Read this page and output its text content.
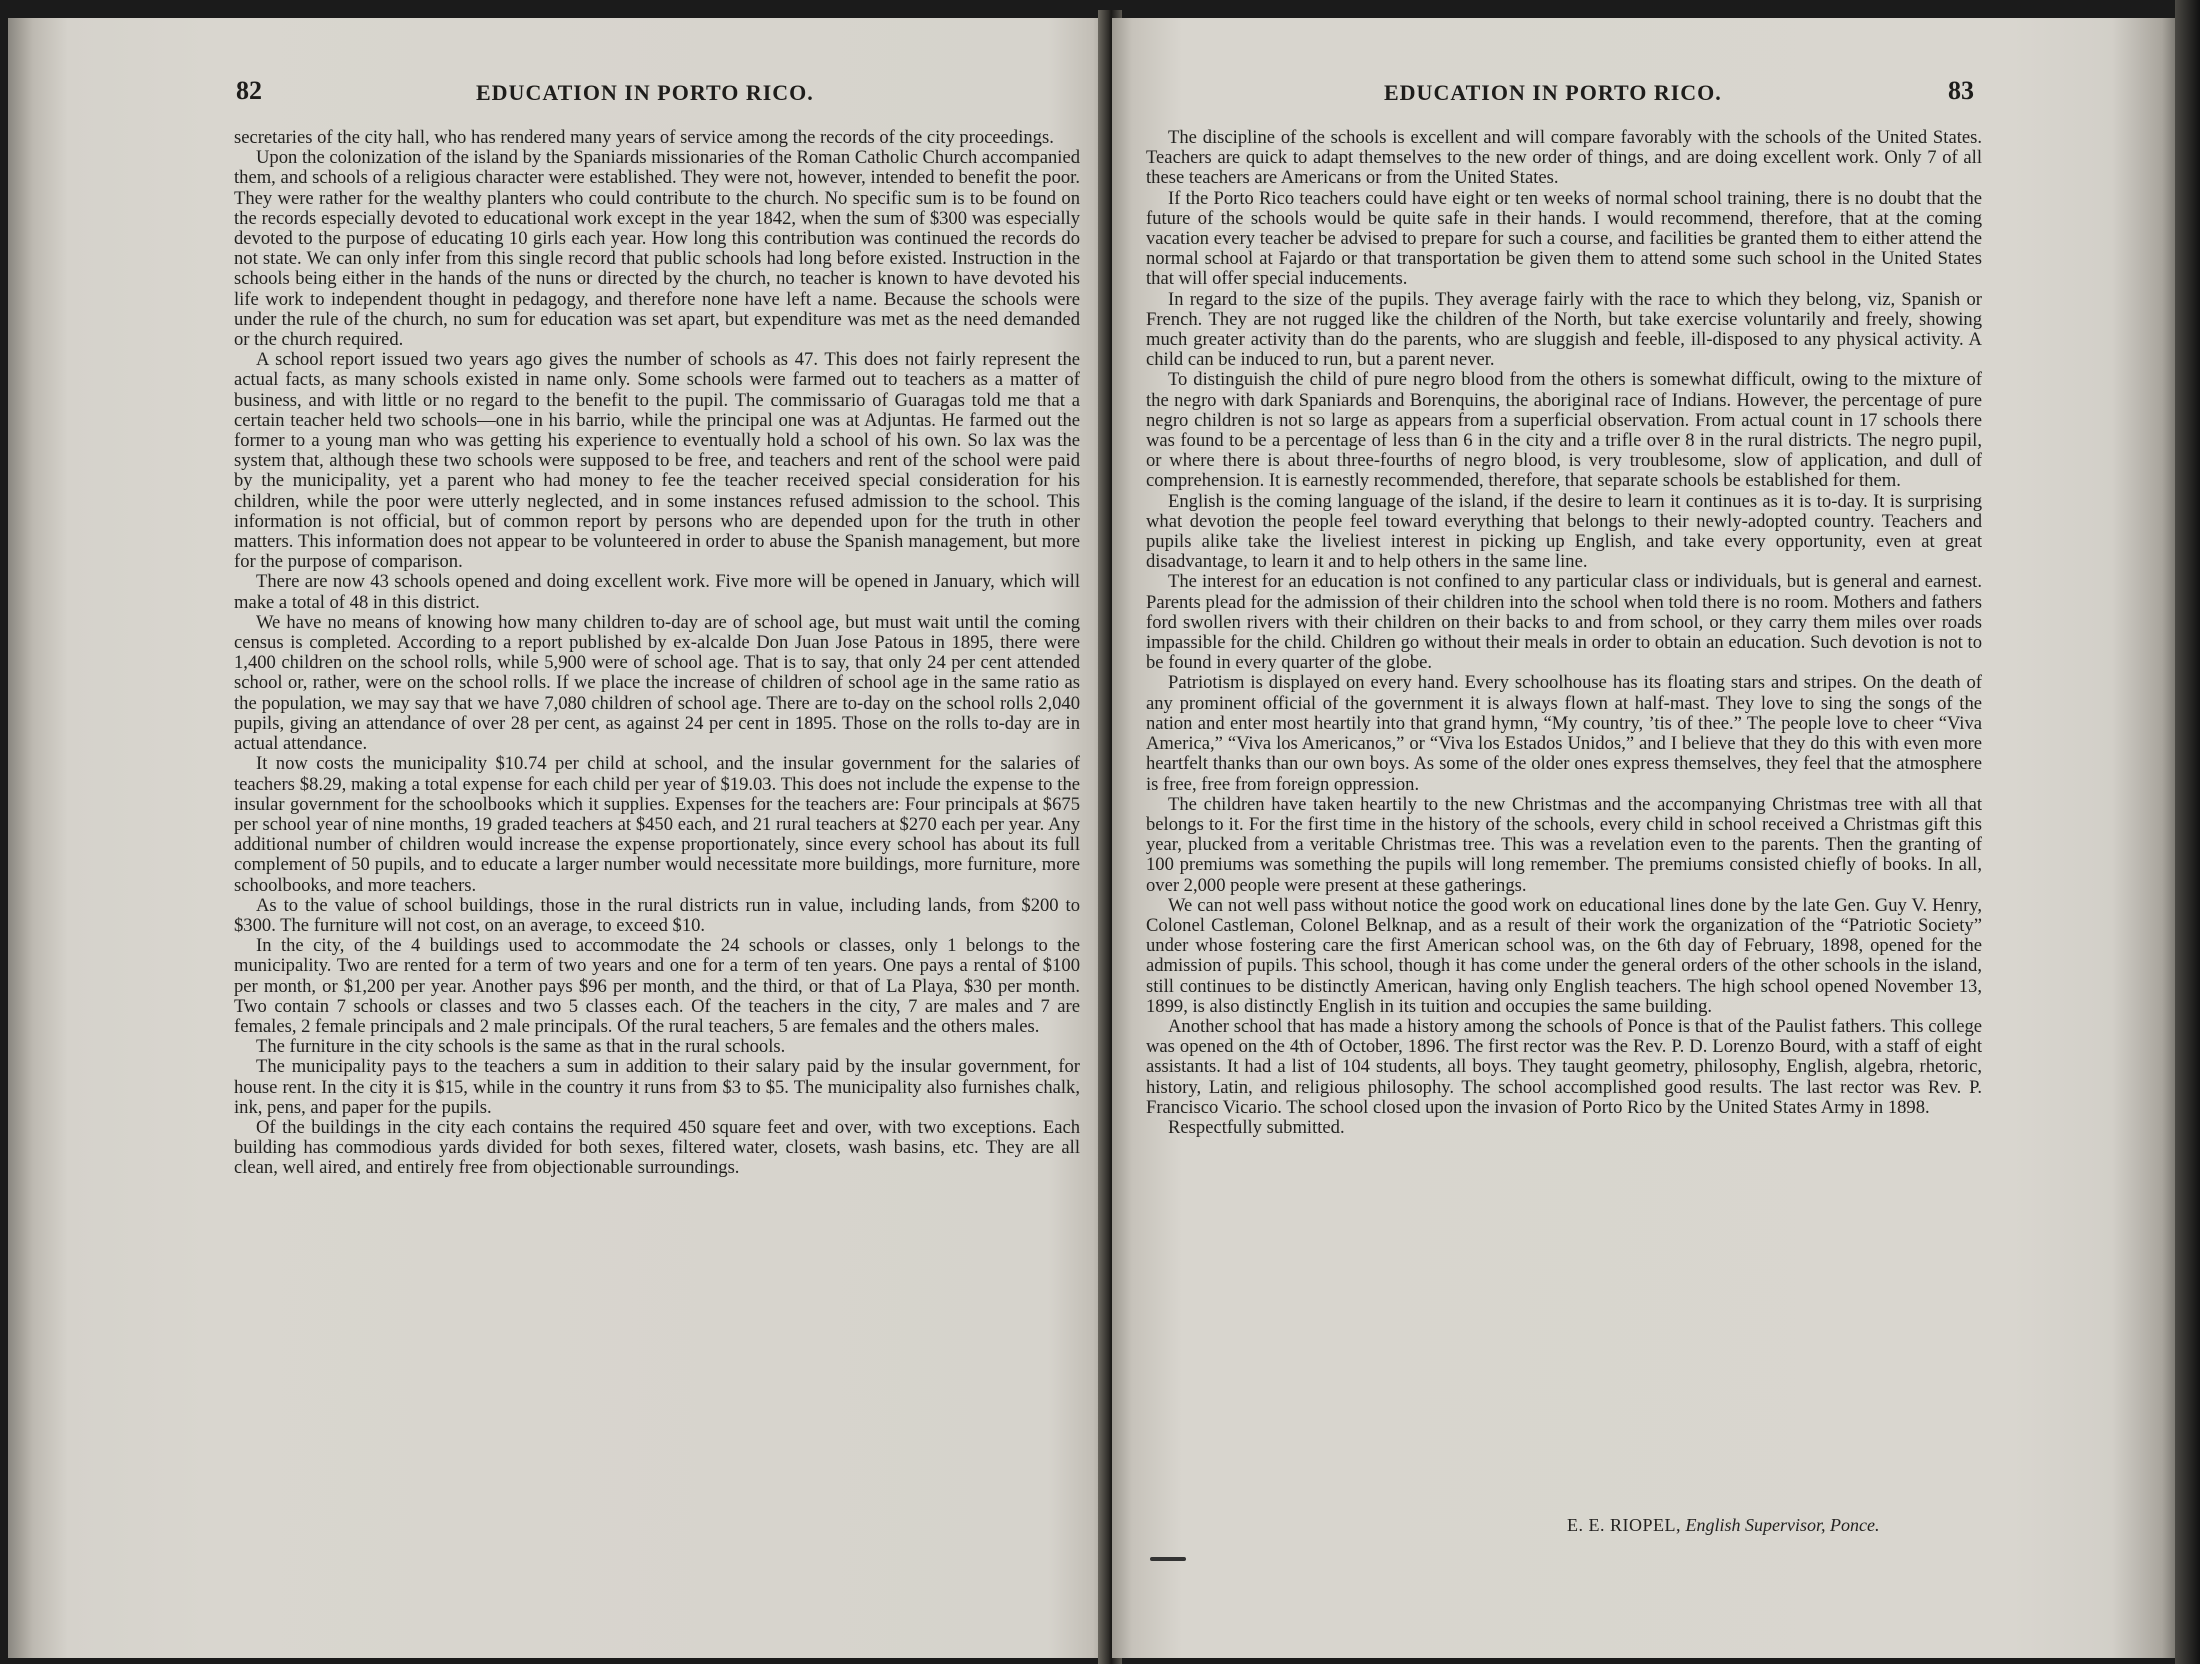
82	EDUCATION IN PORTO RICO.

secretaries of the city hall, who has rendered many years of service among the records of the city proceedings.

Upon the colonization of the island by the Spaniards missionaries of the Roman Catholic Church accompanied them, and schools of a religious character were established. They were not, however, intended to benefit the poor. They were rather for the wealthy planters who could contribute to the church. No specific sum is to be found on the records especially devoted to educational work except in the year 1842, when the sum of $300 was especially devoted to the purpose of educating 10 girls each year. How long this contribution was continued the records do not state. We can only infer from this single record that public schools had long before existed. Instruction in the schools being either in the hands of the nuns or directed by the church, no teacher is known to have devoted his life work to independent thought in pedagogy, and therefore none have left a name. Because the schools were under the rule of the church, no sum for education was set apart, but expenditure was met as the need demanded or the church required.

A school report issued two years ago gives the number of schools as 47. This does not fairly represent the actual facts, as many schools existed in name only. Some schools were farmed out to teachers as a matter of business, and with little or no regard to the benefit to the pupil. The commissario of Guaragas told me that a certain teacher held two schools—one in his barrio, while the principal one was at Adjuntas. He farmed out the former to a young man who was getting his experience to eventually hold a school of his own. So lax was the system that, although these two schools were supposed to be free, and teachers and rent of the school were paid by the municipality, yet a parent who had money to fee the teacher received special consideration for his children, while the poor were utterly neglected, and in some instances refused admission to the school. This information is not official, but of common report by persons who are depended upon for the truth in other matters. This information does not appear to be volunteered in order to abuse the Spanish management, but more for the purpose of comparison.

There are now 43 schools opened and doing excellent work. Five more will be opened in January, which will make a total of 48 in this district.

We have no means of knowing how many children to-day are of school age, but must wait until the coming census is completed. According to a report published by ex-alcalde Don Juan Jose Patous in 1895, there were 1,400 children on the school rolls, while 5,900 were of school age. That is to say, that only 24 per cent attended school or, rather, were on the school rolls. If we place the increase of children of school age in the same ratio as the population, we may say that we have 7,080 children of school age. There are to-day on the school rolls 2,040 pupils, giving an attendance of over 28 per cent, as against 24 per cent in 1895. Those on the rolls to-day are in actual attendance.

It now costs the municipality $10.74 per child at school, and the insular government for the salaries of teachers $8.29, making a total expense for each child per year of $19.03. This does not include the expense to the insular government for the schoolbooks which it supplies. Expenses for the teachers are: Four principals at $675 per school year of nine months, 19 graded teachers at $450 each, and 21 rural teachers at $270 each per year. Any additional number of children would increase the expense proportionately, since every school has about its full complement of 50 pupils, and to educate a larger number would necessitate more buildings, more furniture, more schoolbooks, and more teachers.

As to the value of school buildings, those in the rural districts run in value, including lands, from $200 to $300. The furniture will not cost, on an average, to exceed $10.

In the city, of the 4 buildings used to accommodate the 24 schools or classes, only 1 belongs to the municipality. Two are rented for a term of two years and one for a term of ten years. One pays a rental of $100 per month, or $1,200 per year. Another pays $96 per month, and the third, or that of La Playa, $30 per month. Two contain 7 schools or classes and two 5 classes each. Of the teachers in the city, 7 are males and 7 are females, 2 female principals and 2 male principals. Of the rural teachers, 5 are females and the others males.

The furniture in the city schools is the same as that in the rural schools.

The municipality pays to the teachers a sum in addition to their salary paid by the insular government, for house rent. In the city it is $15, while in the country it runs from $3 to $5. The municipality also furnishes chalk, ink, pens, and paper for the pupils.

Of the buildings in the city each contains the required 450 square feet and over, with two exceptions. Each building has commodious yards divided for both sexes, filtered water, closets, wash basins, etc. They are all clean, well aired, and entirely free from objectionable surroundings.

EDUCATION IN PORTO RICO.	83

The discipline of the schools is excellent and will compare favorably with the schools of the United States. Teachers are quick to adapt themselves to the new order of things, and are doing excellent work. Only 7 of all these teachers are Americans or from the United States.

If the Porto Rico teachers could have eight or ten weeks of normal school training, there is no doubt that the future of the schools would be quite safe in their hands. I would recommend, therefore, that at the coming vacation every teacher be advised to prepare for such a course, and facilities be granted them to either attend the normal school at Fajardo or that transportation be given them to attend some such school in the United States that will offer special inducements.

In regard to the size of the pupils. They average fairly with the race to which they belong, viz, Spanish or French. They are not rugged like the children of the North, but take exercise voluntarily and freely, showing much greater activity than do the parents, who are sluggish and feeble, ill-disposed to any physical activity. A child can be induced to run, but a parent never.

To distinguish the child of pure negro blood from the others is somewhat difficult, owing to the mixture of the negro with dark Spaniards and Borenquins, the aboriginal race of Indians. However, the percentage of pure negro children is not so large as appears from a superficial observation. From actual count in 17 schools there was found to be a percentage of less than 6 in the city and a trifle over 8 in the rural districts. The negro pupil, or where there is about three-fourths of negro blood, is very troublesome, slow of application, and dull of comprehension. It is earnestly recommended, therefore, that separate schools be established for them.

English is the coming language of the island, if the desire to learn it continues as it is to-day. It is surprising what devotion the people feel toward everything that belongs to their newly-adopted country. Teachers and pupils alike take the liveliest interest in picking up English, and take every opportunity, even at great disadvantage, to learn it and to help others in the same line.

The interest for an education is not confined to any particular class or individuals, but is general and earnest. Parents plead for the admission of their children into the school when told there is no room. Mothers and fathers ford swollen rivers with their children on their backs to and from school, or they carry them miles over roads impassible for the child. Children go without their meals in order to obtain an education. Such devotion is not to be found in every quarter of the globe.

Patriotism is displayed on every hand. Every schoolhouse has its floating stars and stripes. On the death of any prominent official of the government it is always flown at half-mast. They love to sing the songs of the nation and enter most heartily into that grand hymn, “My country, ’tis of thee.” The people love to cheer “Viva America,” “Viva los Americanos,” or “Viva los Estados Unidos,” and I believe that they do this with even more heartfelt thanks than our own boys. As some of the older ones express themselves, they feel that the atmosphere is free, free from foreign oppression.

The children have taken heartily to the new Christmas and the accompanying Christmas tree with all that belongs to it. For the first time in the history of the schools, every child in school received a Christmas gift this year, plucked from a veritable Christmas tree. This was a revelation even to the parents. Then the granting of 100 premiums was something the pupils will long remember. The premiums consisted chiefly of books. In all, over 2,000 people were present at these gatherings.

We can not well pass without notice the good work on educational lines done by the late Gen. Guy V. Henry, Colonel Castleman, Colonel Belknap, and as a result of their work the organization of the “Patriotic Society” under whose fostering care the first American school was, on the 6th day of February, 1898, opened for the admission of pupils. This school, though it has come under the general orders of the other schools in the island, still continues to be distinctly American, having only English teachers. The high school opened November 13, 1899, is also distinctly English in its tuition and occupies the same building.

Another school that has made a history among the schools of Ponce is that of the Paulist fathers. This college was opened on the 4th of October, 1896. The first rector was the Rev. P. D. Lorenzo Bourd, with a staff of eight assistants. It had a list of 104 students, all boys. They taught geometry, philosophy, English, algebra, rhetoric, history, Latin, and religious philosophy. The school accomplished good results. The last rector was Rev. P. Francisco Vicario. The school closed upon the invasion of Porto Rico by the United States Army in 1898.

Respectfully submitted.

E. E. RIOPEL, English Supervisor, Ponce.
